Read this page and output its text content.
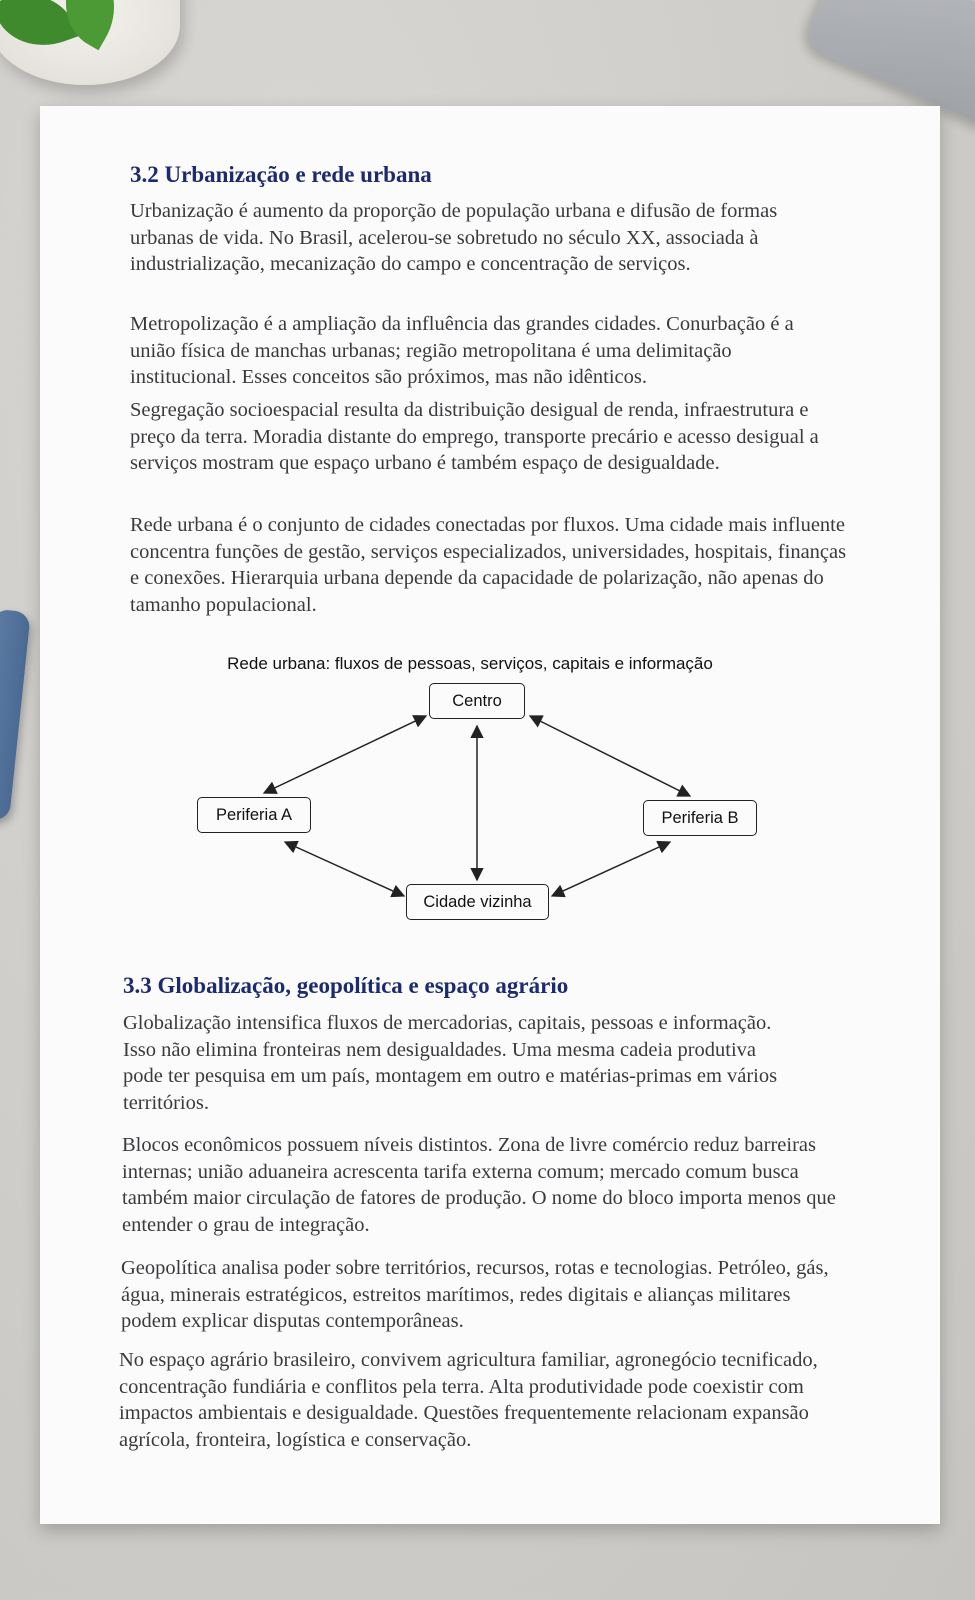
3.2 Urbanização e rede urbana

Urbanização é aumento da proporção de população urbana e difusão de formas urbanas de vida. No Brasil, acelerou-se sobretudo no século XX, associada à industrialização, mecanização do campo e concentração de serviços.

Metropolização é a ampliação da influência das grandes cidades. Conurbação é a união física de manchas urbanas; região metropolitana é uma delimitação institucional. Esses conceitos são próximos, mas não idênticos.

Segregação socioespacial resulta da distribuição desigual de renda, infraestrutura e preço da terra. Moradia distante do emprego, transporte precário e acesso desigual a serviços mostram que espaço urbano é também espaço de desigualdade.

Rede urbana é o conjunto de cidades conectadas por fluxos. Uma cidade mais influente concentra funções de gestão, serviços especializados, universidades, hospitais, finanças e conexões. Hierarquia urbana depende da capacidade de polarização, não apenas do tamanho populacional.

Rede urbana: fluxos de pessoas, serviços, capitais e informação
Centro
Periferia A	Periferia B
Cidade vizinha
3.3 Globalização, geopolítica e espaço agrário

Globalização intensifica fluxos de mercadorias, capitais, pessoas e informação. Isso não elimina fronteiras nem desigualdades. Uma mesma cadeia produtiva pode ter pesquisa em um país, montagem em outro e matérias-primas em vários territórios.

Blocos econômicos possuem níveis distintos. Zona de livre comércio reduz barreiras internas; união aduaneira acrescenta tarifa externa comum; mercado comum busca também maior circulação de fatores de produção. O nome do bloco importa menos que entender o grau de integração.

Geopolítica analisa poder sobre territórios, recursos, rotas e tecnologias. Petróleo, gás, água, minerais estratégicos, estreitos marítimos, redes digitais e alianças militares podem explicar disputas contemporâneas.

No espaço agrário brasileiro, convivem agricultura familiar, agronegócio tecnificado, concentração fundiária e conflitos pela terra. Alta produtividade pode coexistir com impactos ambientais e desigualdade. Questões frequentemente relacionam expansão agrícola, fronteira, logística e conservação.
